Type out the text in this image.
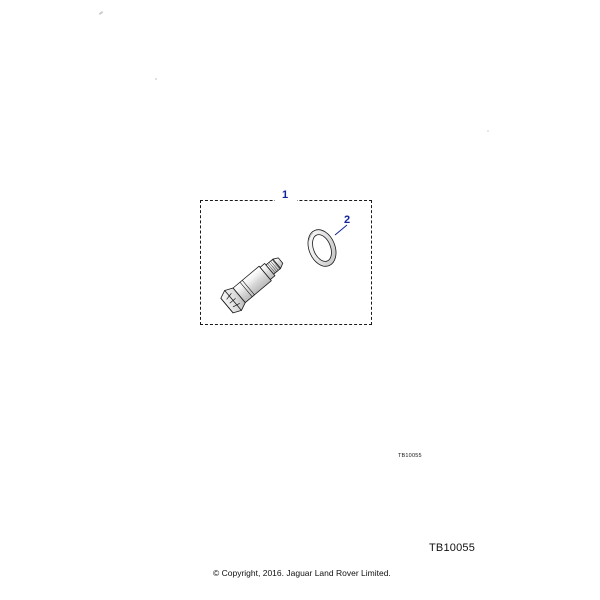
1
2
TB10055
TB10055
© Copyright, 2016. Jaguar Land Rover Limited.
